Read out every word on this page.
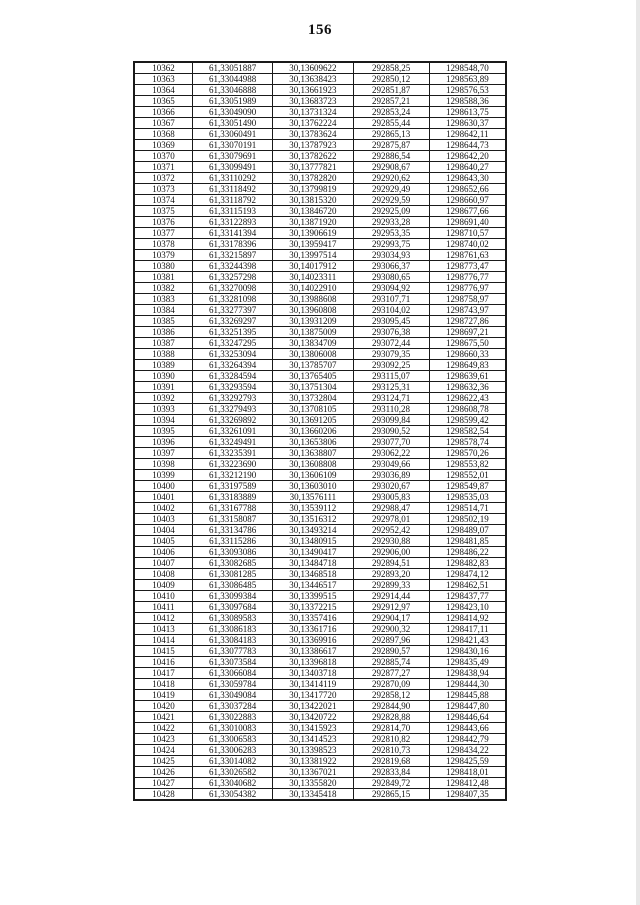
156
10362	61,33051887	30,13609622	292858,25	1298548,70
10363	61,33044988	30,13638423	292850,12	1298563,89
10364	61,33046888	30,13661923	292851,87	1298576,53
10365	61,33051989	30,13683723	292857,21	1298588,36
10366	61,33049090	30,13731324	292853,24	1298613,75
10367	61,33051490	30,13762224	292855,44	1298630,37
10368	61,33060491	30,13783624	292865,13	1298642,11
10369	61,33070191	30,13787923	292875,87	1298644,73
10370	61,33079691	30,13782622	292886,54	1298642,20
10371	61,33099491	30,13777821	292908,67	1298640,27
10372	61,33110292	30,13782820	292920,62	1298643,30
10373	61,33118492	30,13799819	292929,49	1298652,66
10374	61,33118792	30,13815320	292929,59	1298660,97
10375	61,33115193	30,13846720	292925,09	1298677,66
10376	61,33122893	30,13871920	292933,28	1298691,40
10377	61,33141394	30,13906619	292953,35	1298710,57
10378	61,33178396	30,13959417	292993,75	1298740,02
10379	61,33215897	30,13997514	293034,93	1298761,63
10380	61,33244398	30,14017912	293066,37	1298773,47
10381	61,33257298	30,14023311	293080,65	1298776,77
10382	61,33270098	30,14022910	293094,92	1298776,97
10383	61,33281098	30,13988608	293107,71	1298758,97
10384	61,33277397	30,13960808	293104,02	1298743,97
10385	61,33269297	30,13931209	293095,45	1298727,86
10386	61,33251395	30,13875009	293076,38	1298697,21
10387	61,33247295	30,13834709	293072,44	1298675,50
10388	61,33253094	30,13806008	293079,35	1298660,33
10389	61,33264394	30,13785707	293092,25	1298649,83
10390	61,33284594	30,13765405	293115,07	1298639,61
10391	61,33293594	30,13751304	293125,31	1298632,36
10392	61,33292793	30,13732804	293124,71	1298622,43
10393	61,33279493	30,13708105	293110,28	1298608,78
10394	61,33269892	30,13691205	293099,84	1298599,42
10395	61,33261091	30,13660206	293090,52	1298582,54
10396	61,33249491	30,13653806	293077,70	1298578,74
10397	61,33235391	30,13638807	293062,22	1298570,26
10398	61,33223690	30,13608808	293049,66	1298553,82
10399	61,33212190	30,13606109	293036,89	1298552,01
10400	61,33197589	30,13603010	293020,67	1298549,87
10401	61,33183889	30,13576111	293005,83	1298535,03
10402	61,33167788	30,13539112	292988,47	1298514,71
10403	61,33158087	30,13516312	292978,01	1298502,19
10404	61,33134786	30,13493214	292952,42	1298489,07
10405	61,33115286	30,13480915	292930,88	1298481,85
10406	61,33093086	30,13490417	292906,00	1298486,22
10407	61,33082685	30,13484718	292894,51	1298482,83
10408	61,33081285	30,13468518	292893,20	1298474,12
10409	61,33086485	30,13446517	292899,33	1298462,51
10410	61,33099384	30,13399515	292914,44	1298437,77
10411	61,33097684	30,13372215	292912,97	1298423,10
10412	61,33089583	30,13357416	292904,17	1298414,92
10413	61,33086183	30,13361716	292900,32	1298417,11
10414	61,33084183	30,13369916	292897,96	1298421,43
10415	61,33077783	30,13386617	292890,57	1298430,16
10416	61,33073584	30,13396818	292885,74	1298435,49
10417	61,33066084	30,13403718	292877,27	1298438,94
10418	61,33059784	30,13414119	292870,09	1298444,30
10419	61,33049084	30,13417720	292858,12	1298445,88
10420	61,33037284	30,13422021	292844,90	1298447,80
10421	61,33022883	30,13420722	292828,88	1298446,64
10422	61,33010083	30,13415923	292814,70	1298443,66
10423	61,33006583	30,13414523	292810,82	1298442,79
10424	61,33006283	30,13398523	292810,73	1298434,22
10425	61,33014082	30,13381922	292819,68	1298425,59
10426	61,33026582	30,13367021	292833,84	1298418,01
10427	61,33040682	30,13355820	292849,72	1298412,48
10428	61,33054382	30,13345418	292865,15	1298407,35
